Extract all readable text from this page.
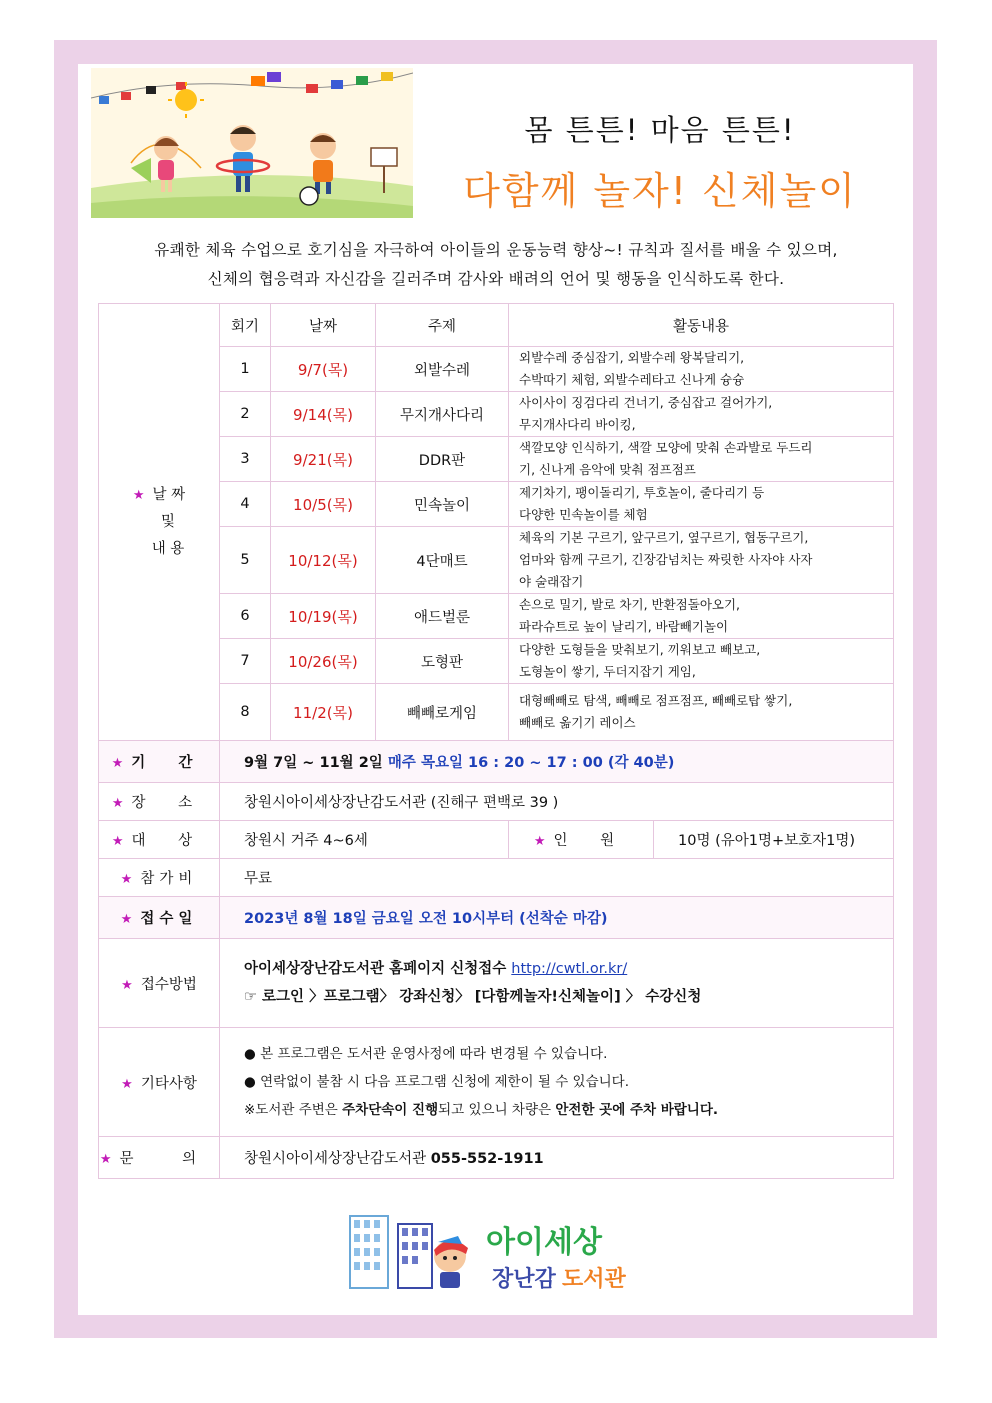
몸 튼튼! 마음 튼튼!
다함께 놀자! 신체놀이
유쾌한 체육 수업으로 호기심을 자극하여 아이들의 운동능력 향상~! 규칙과 질서를 배울 수 있으며,
신체의 협응력과 자신감을 길러주며 감사와 배려의 언어 및 행동을 인식하도록 한다.
★ 날 짜
및
내 용	회기	날짜	주제	활동내용	
	1	9/7(목)	외발수레	외발수레 중심잡기, 외발수레 왕복달리기,
수박따기 체험, 외발수레타고 신나게 슝슝	

	2	9/14(목)	무지개사다리	사이사이 징검다리 건너기, 중심잡고 걸어가기,
무지개사다리 바이킹,	

	3	9/21(목)	DDR판	색깔모양 인식하기, 색깔 모양에 맞춰 손과발로 두드리
기, 신나게 음악에 맞춰 점프점프	

	4	10/5(목)	민속놀이	제기차기, 팽이돌리기, 투호놀이, 줄다리기 등
다양한 민속놀이를 체험	

	5	10/12(목)	4단매트	체육의 기본 구르기, 앞구르기, 옆구르기, 협동구르기,
엄마와 함께 구르기, 긴장감넘치는 짜릿한 사자야 사자
야 술래잡기	

	6	10/19(목)	애드벌룬	손으로 밀기, 발로 차기, 반환점돌아오기,
파라슈트로 높이 날리기, 바람빼기놀이	

	7	10/26(목)	도형판	다양한 도형들을 맞춰보기, 끼워보고 빼보고,
도형놀이 쌓기, 두더지잡기 게임,	

	8	11/2(목)	빼빼로게임	대형빼빼로 탐색, 빼빼로 점프점프, 빼빼로탑 쌓기,
빼빼로 옮기기 레이스	

★ 기 간	9월 7일 ~ 11월 2일 매주 목요일 16 : 20 ~ 17 : 00 (각 40분)				
★ 장 소	창원시아이세상장난감도서관 (진해구 편백로 39 )				
★ 대 상	창원시 거주 4~6세			★ 인 원	10명 (유아1명+보호자1명)
★ 참가비	무료				
★ 접수일	2023년 8월 18일 금요일 오전 10시부터 (선착순 마감)				
★ 접수방법	아이세상장난감도서관 홈페이지 신청접수 http://cwtl.or.kr/
☞ 로그인 〉프로그램〉 강좌신청〉 [다함께놀자!신체놀이] 〉 수강신청				

★ 기타사항	● 본 프로그램은 도서관 운영사정에 따라 변경될 수 있습니다.
● 연락없이 불참 시 다음 프로그램 신청에 제한이 될 수 있습니다.
※도서관 주변은 주차단속이 진행되고 있으니 차량은 안전한 곳에 주차 바랍니다.				

★ 문 의	창원시아이세상장난감도서관 055-552-1911				
아이세상
장난감 도서관
